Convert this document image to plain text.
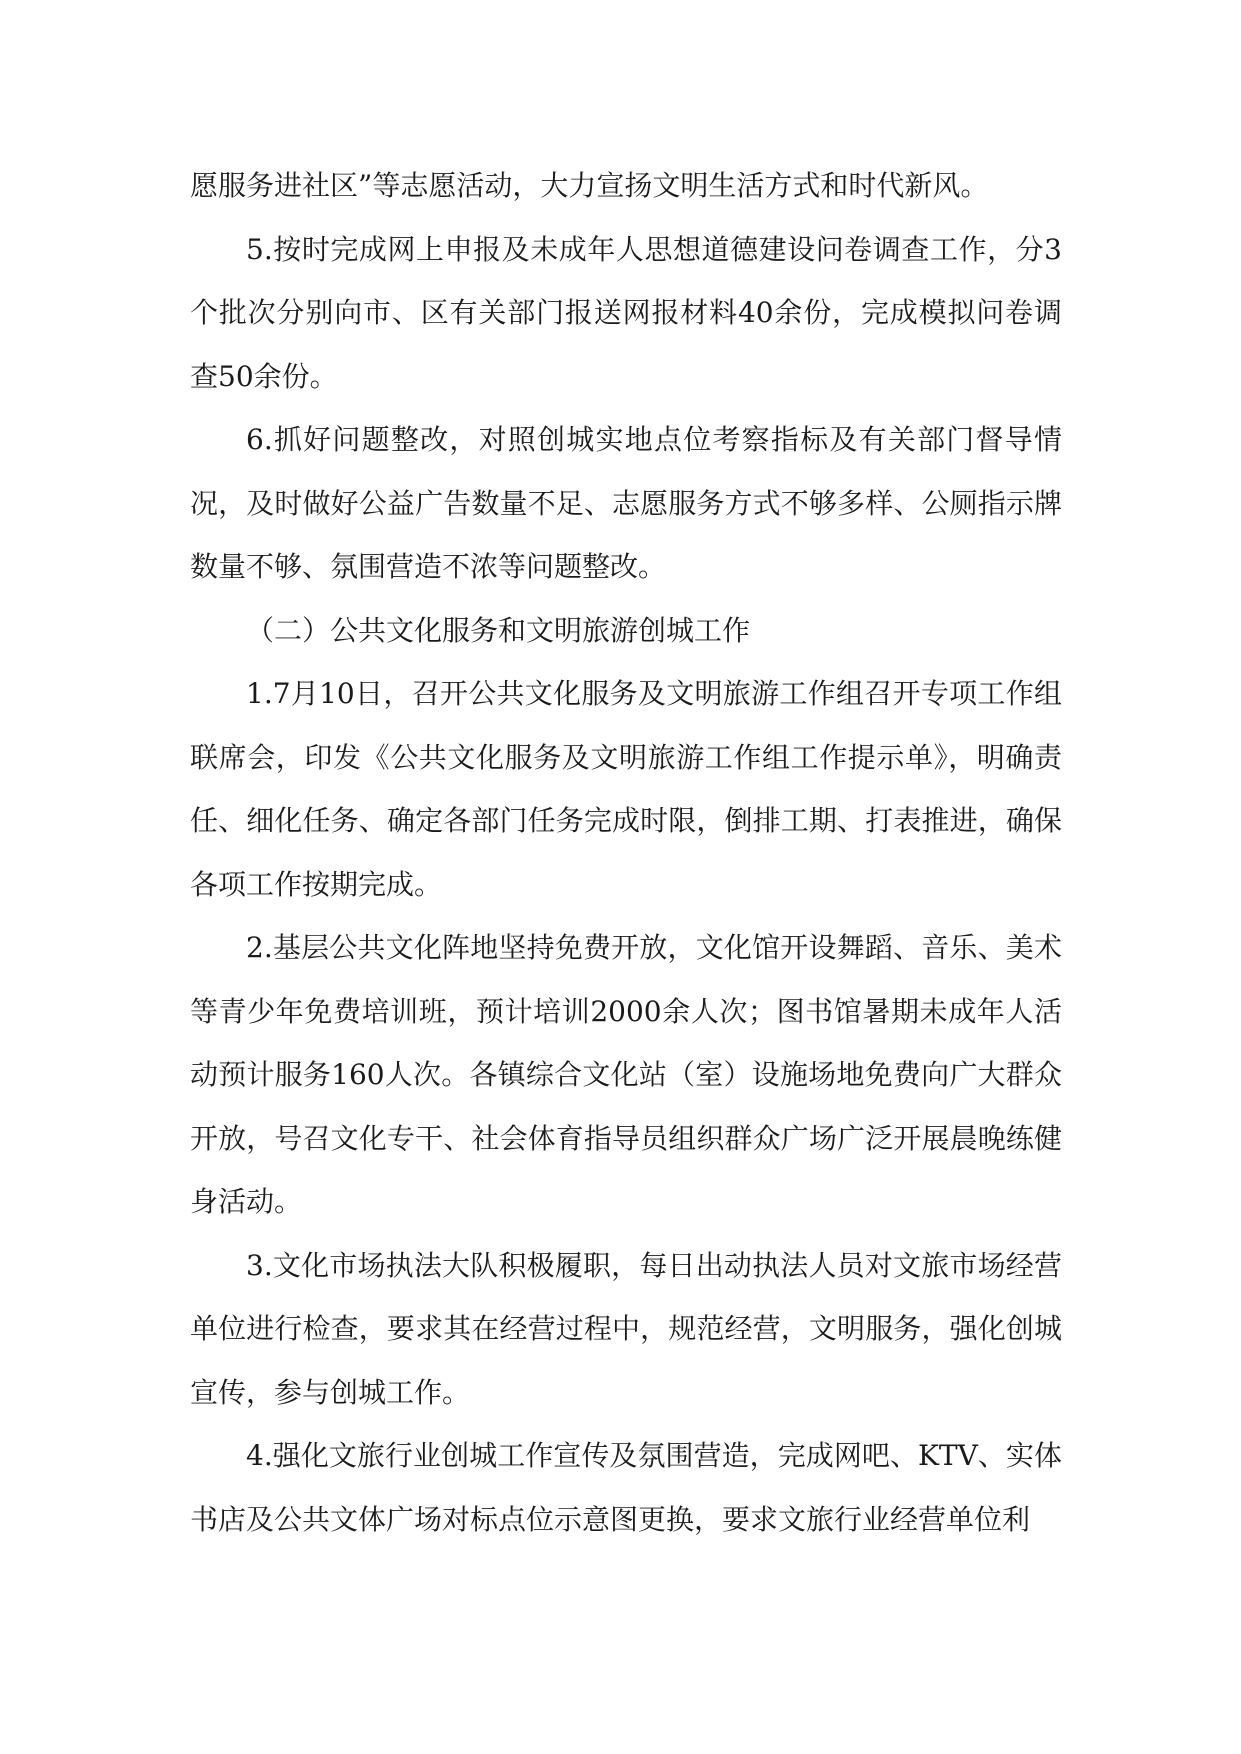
愿服务进社区”等志愿活动，大力宣扬文明生活方式和时代新风。

5.按时完成网上申报及未成年人思想道德建设问卷调查工作，分3个批次分别向市、区有关部门报送网报材料40余份，完成模拟问卷调查50余份。

6.抓好问题整改，对照创城实地点位考察指标及有关部门督导情况，及时做好公益广告数量不足、志愿服务方式不够多样、公厕指示牌数量不够、氛围营造不浓等问题整改。

（二）公共文化服务和文明旅游创城工作

1.7月10日，召开公共文化服务及文明旅游工作组召开专项工作组联席会，印发《公共文化服务及文明旅游工作组工作提示单》，明确责任、细化任务、确定各部门任务完成时限，倒排工期、打表推进，确保各项工作按期完成。

2.基层公共文化阵地坚持免费开放，文化馆开设舞蹈、音乐、美术等青少年免费培训班，预计培训2000余人次；图书馆暑期未成年人活动预计服务160人次。各镇综合文化站（室）设施场地免费向广大群众开放，号召文化专干、社会体育指导员组织群众广场广泛开展晨晚练健身活动。

3.文化市场执法大队积极履职，每日出动执法人员对文旅市场经营单位进行检查，要求其在经营过程中，规范经营，文明服务，强化创城宣传，参与创城工作。

4.强化文旅行业创城工作宣传及氛围营造，完成网吧、KTV、实体书店及公共文体广场对标点位示意图更换，要求文旅行业经营单位利
